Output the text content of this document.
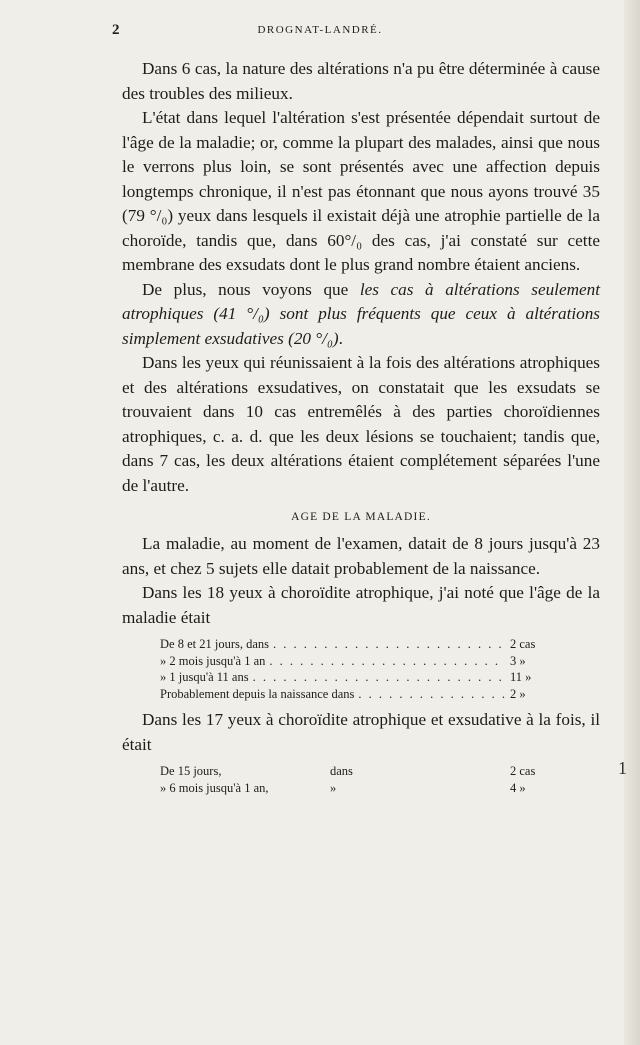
2	DROGNAT-LANDRÉ.

Dans 6 cas, la nature des altérations n'a pu être déterminée à cause des troubles des milieux.

L'état dans lequel l'altération s'est présentée dépendait surtout de l'âge de la maladie; or, comme la plupart des malades, ainsi que nous le verrons plus loin, se sont présentés avec une affection depuis longtemps chronique, il n'est pas étonnant que nous ayons trouvé 35 (79 °/₀) yeux dans lesquels il existait déjà une atrophie partielle de la choroïde, tandis que, dans 60°/₀ des cas, j'ai constaté sur cette membrane des exsudats dont le plus grand nombre étaient anciens.

De plus, nous voyons que les cas à altérations seulement atrophiques (41 °/₀) sont plus fréquents que ceux à altérations simplement exsudatives (20 °/₀).

Dans les yeux qui réunissaient à la fois des altérations atrophiques et des altérations exsudatives, on constatait que les exsudats se trouvaient dans 10 cas entremêlés à des parties choroïdiennes atrophiques, c. a. d. que les deux lésions se touchaient; tandis que, dans 7 cas, les deux altérations étaient complétement séparées l'une de l'autre.

AGE DE LA MALADIE.

La maladie, au moment de l'examen, datait de 8 jours jusqu'à 23 ans, et chez 5 sujets elle datait probablement de la naissance.

Dans les 18 yeux à choroïdite atrophique, j'ai noté que l'âge de la maladie était

De 8 et 21 jours, dans . . .	2 cas
» 2 mois jusqu'à 1 an . . .	3 »
» 1 jusqu'à 11 ans . . .	11 »
Probablement depuis la naissance dans . . .	2 »

Dans les 17 yeux à choroïdite atrophique et exsudative à la fois, il était

De 15 jours,	dans	2 cas
» 6 mois jusqu'à 1 an,	»	4 »
1
